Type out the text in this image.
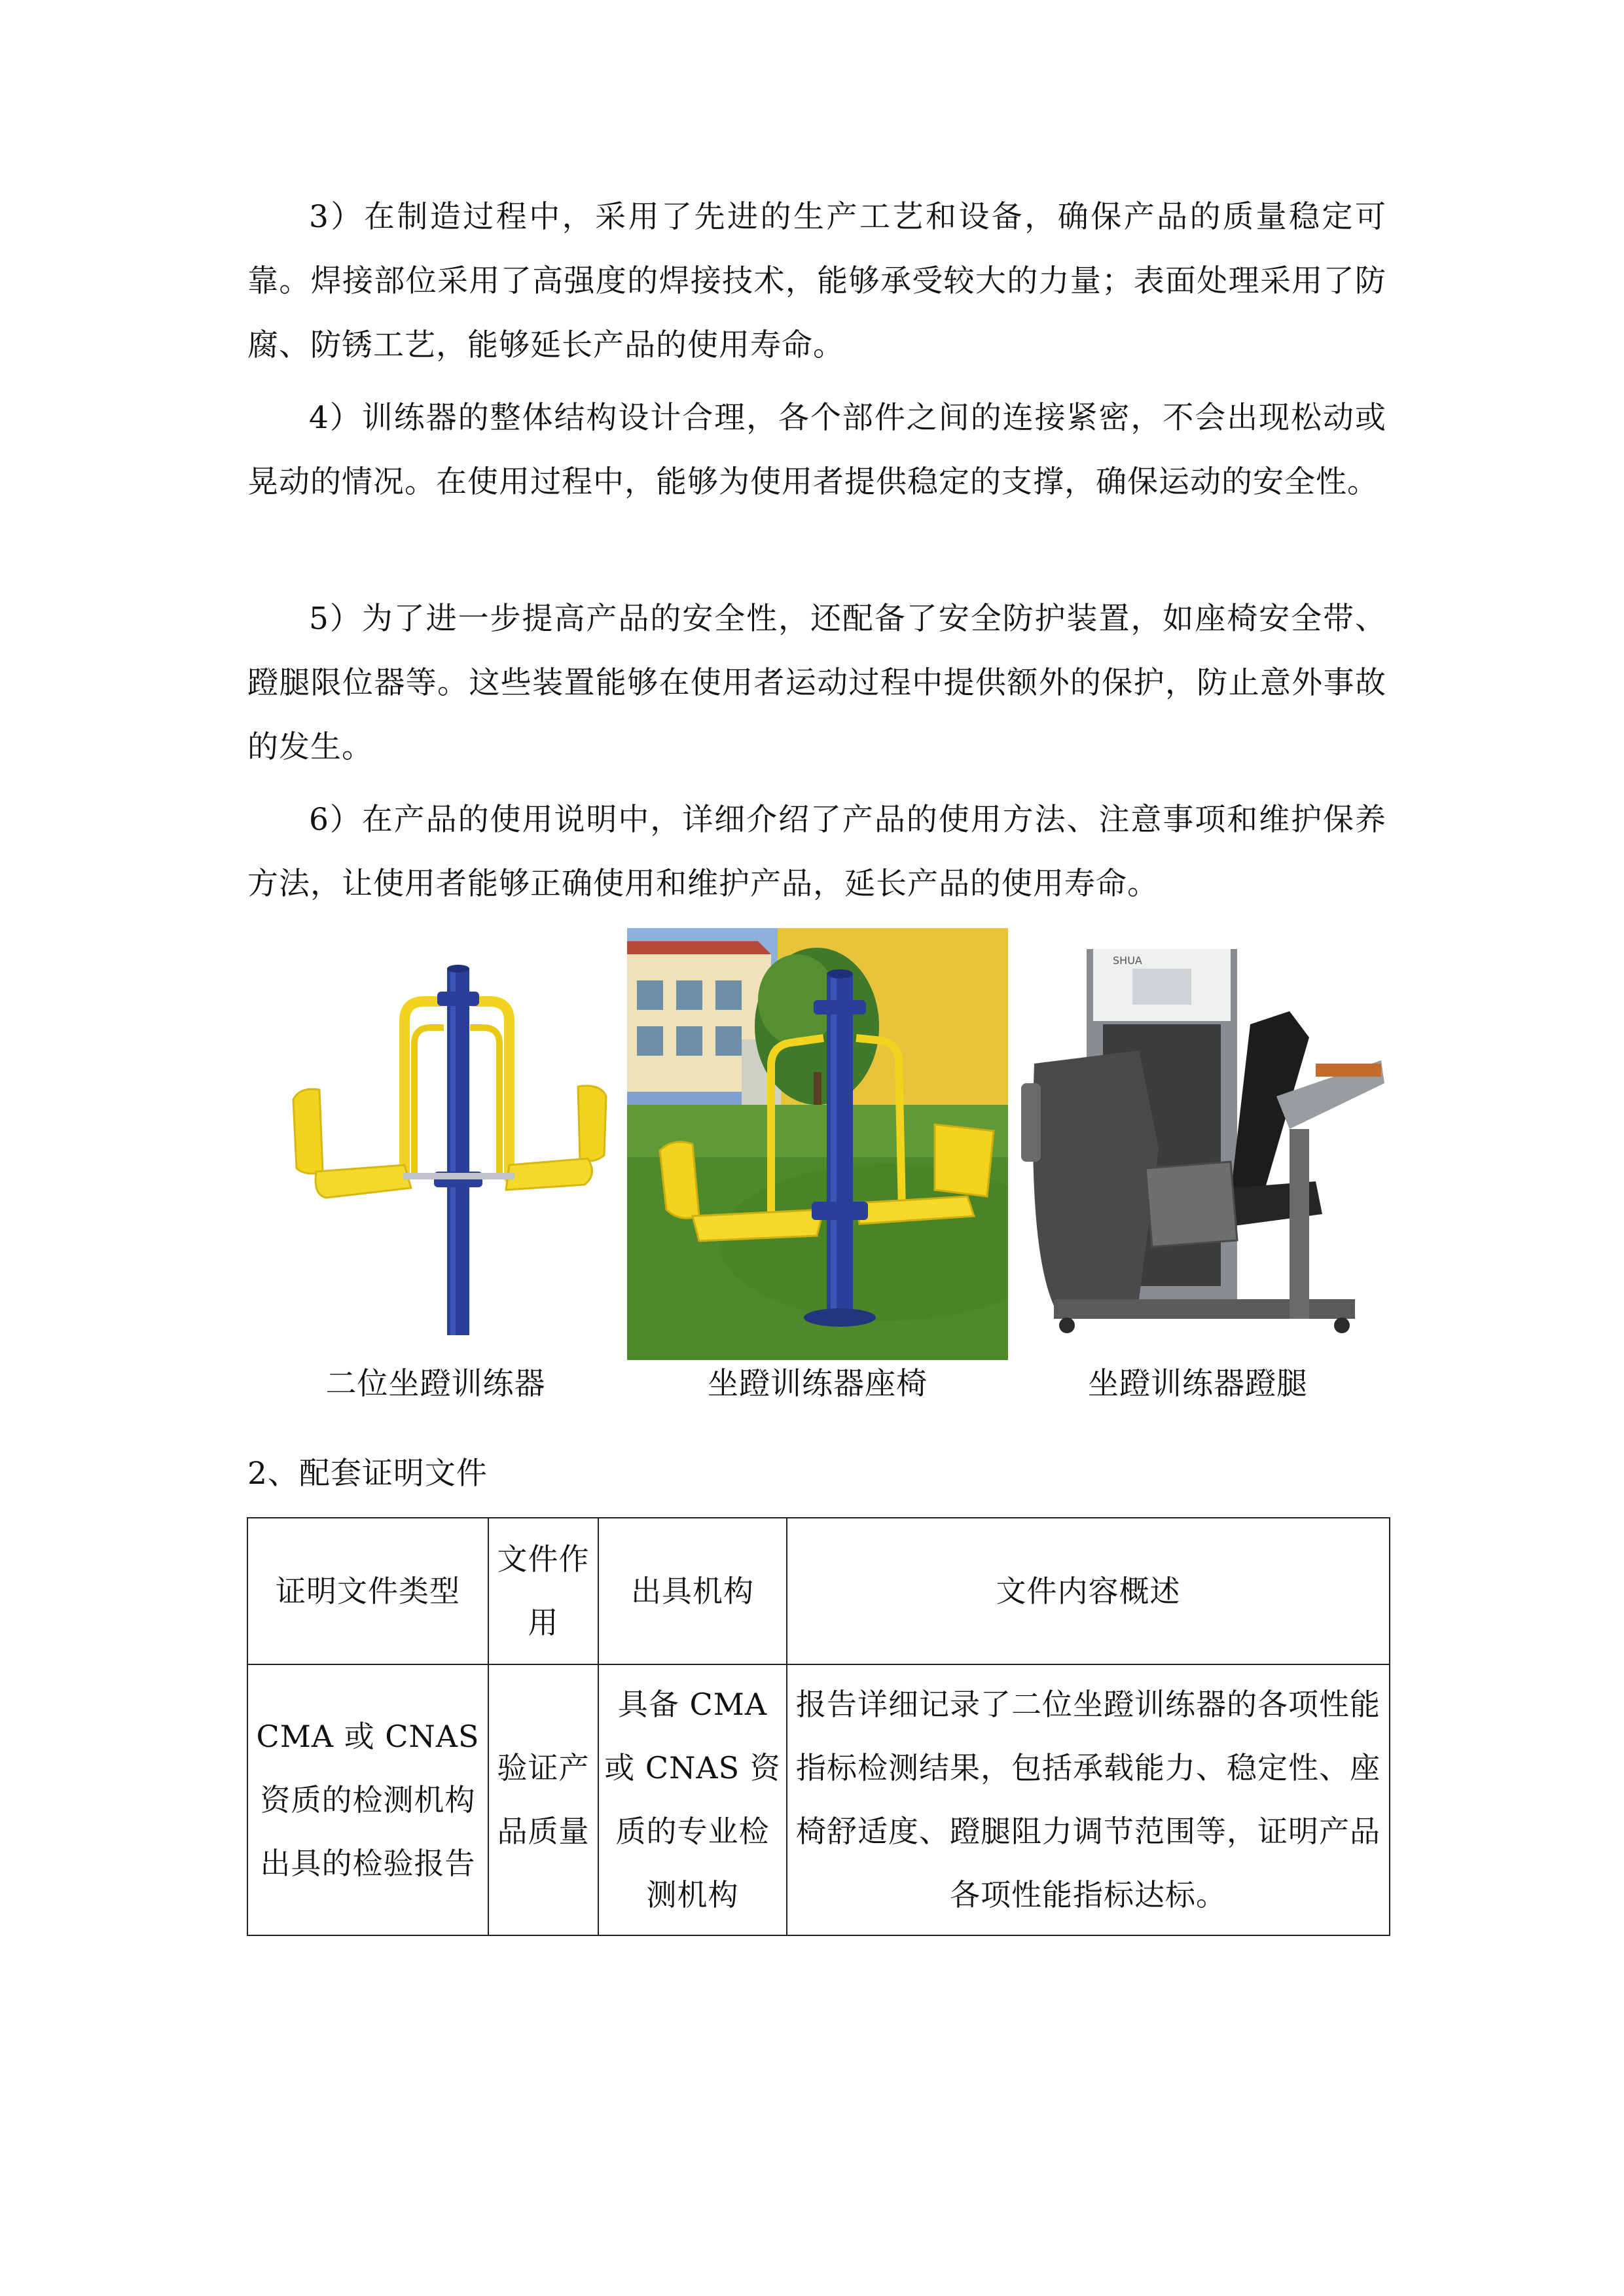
3）在制造过程中，采用了先进的生产工艺和设备，确保产品的质量稳定可靠。焊接部位采用了高强度的焊接技术，能够承受较大的力量；表面处理采用了防腐、防锈工艺，能够延长产品的使用寿命。

4）训练器的整体结构设计合理，各个部件之间的连接紧密，不会出现松动或晃动的情况。在使用过程中，能够为使用者提供稳定的支撑，确保运动的安全性。

5）为了进一步提高产品的安全性，还配备了安全防护装置，如座椅安全带、蹬腿限位器等。这些装置能够在使用者运动过程中提供额外的保护，防止意外事故的发生。

6）在产品的使用说明中，详细介绍了产品的使用方法、注意事项和维护保养方法，让使用者能够正确使用和维护产品，延长产品的使用寿命。

SHUA
二位坐蹬训练器	坐蹬训练器座椅	坐蹬训练器蹬腿
2、配套证明文件
证明文件类型	文件作用	出具机构	文件内容概述
CMA 或 CNAS 资质的检测机构出具的检验报告	验证产品质量	具备 CMA 或 CNAS 资质的专业检测机构	报告详细记录了二位坐蹬训练器的各项性能指标检测结果，包括承载能力、稳定性、座椅舒适度、蹬腿阻力调节范围等，证明产品各项性能指标达标。
